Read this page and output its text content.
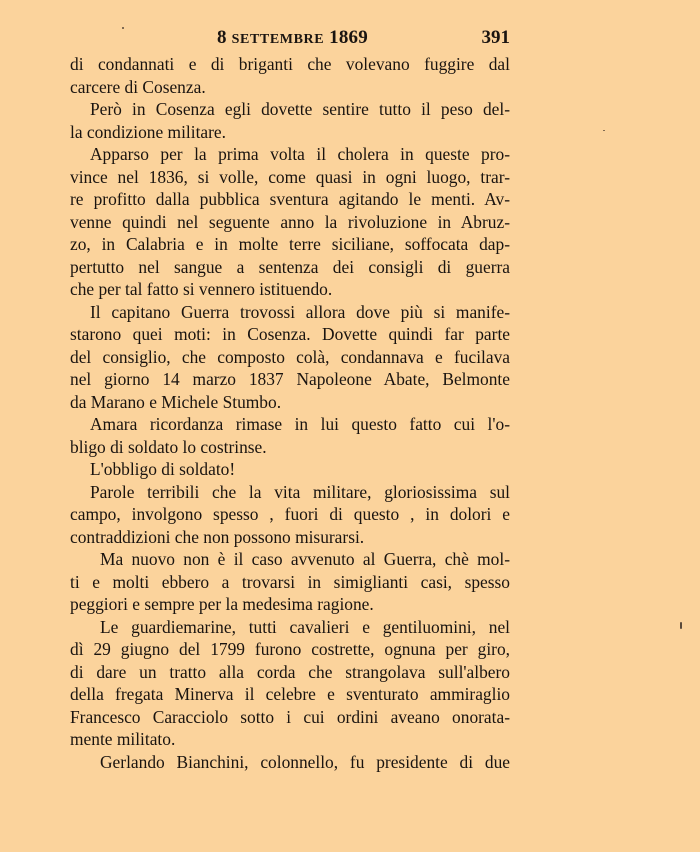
8 SETTEMBRE 1869	391
di condannati e di briganti che volevano fuggire dal
carcere di Cosenza.
Però in Cosenza egli dovette sentire tutto il peso del-
la condizione militare.
Apparso per la prima volta il cholera in queste pro-
vince nel 1836, si volle, come quasi in ogni luogo, trar-
re profitto dalla pubblica sventura agitando le menti. Av-
venne quindi nel seguente anno la rivoluzione in Abruz-
zo, in Calabria e in molte terre siciliane, soffocata dap-
pertutto nel sangue a sentenza dei consigli di guerra
che per tal fatto si vennero istituendo.
Il capitano Guerra trovossi allora dove più si manife-
starono quei moti: in Cosenza. Dovette quindi far parte
del consiglio, che composto colà, condannava e fucilava
nel giorno 14 marzo 1837 Napoleone Abate, Belmonte
da Marano e Michele Stumbo.
Amara ricordanza rimase in lui questo fatto cui l'o-
bligo di soldato lo costrinse.
L'obbligo di soldato!
Parole terribili che la vita militare, gloriosissima sul
campo, involgono spesso , fuori di questo , in dolori e
contraddizioni che non possono misurarsi.
Ma nuovo non è il caso avvenuto al Guerra, chè mol-
ti e molti ebbero a trovarsi in simiglianti casi, spesso
peggiori e sempre per la medesima ragione.
Le guardiemarine, tutti cavalieri e gentiluomini, nel
dì 29 giugno del 1799 furono costrette, ognuna per giro,
di dare un tratto alla corda che strangolava sull'albero
della fregata Minerva il celebre e sventurato ammiraglio
Francesco Caracciolo sotto i cui ordini aveano onorata-
mente militato.
Gerlando Bianchini, colonnello, fu presidente di due
